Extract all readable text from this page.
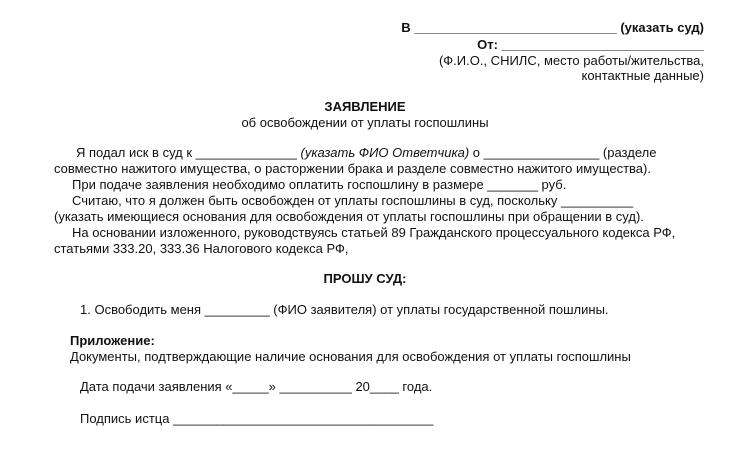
В ____________________________ (указать суд)
От: ____________________________
(Ф.И.О., СНИЛС, место работы/жительства,
контактные данные)
ЗАЯВЛЕНИЕ
об освобождении от уплаты госпошлины
Я подал иск в суд к ______________ (указать ФИО Ответчика) о ________________ (разделе
совместно нажитого имущества, о расторжении брака и разделе совместно нажитого имущества).
При подаче заявления необходимо оплатить госпошлину в размере _______ руб.
Считаю, что я должен быть освобожден от уплаты госпошлины в суд, поскольку __________
(указать имеющиеся основания для освобождения от уплаты госпошлины при обращении в суд).
На основании изложенного, руководствуясь статьей 89 Гражданского процессуального кодекса РФ,
статьями 333.20, 333.36 Налогового кодекса РФ,
ПРОШУ СУД:
1. Освободить меня _________ (ФИО заявителя) от уплаты государственной пошлины.
Приложение:
Документы, подтверждающие наличие основания для освобождения от уплаты госпошлины
Дата подачи заявления «_____» __________ 20____ года.
Подпись истца ____________________________________
